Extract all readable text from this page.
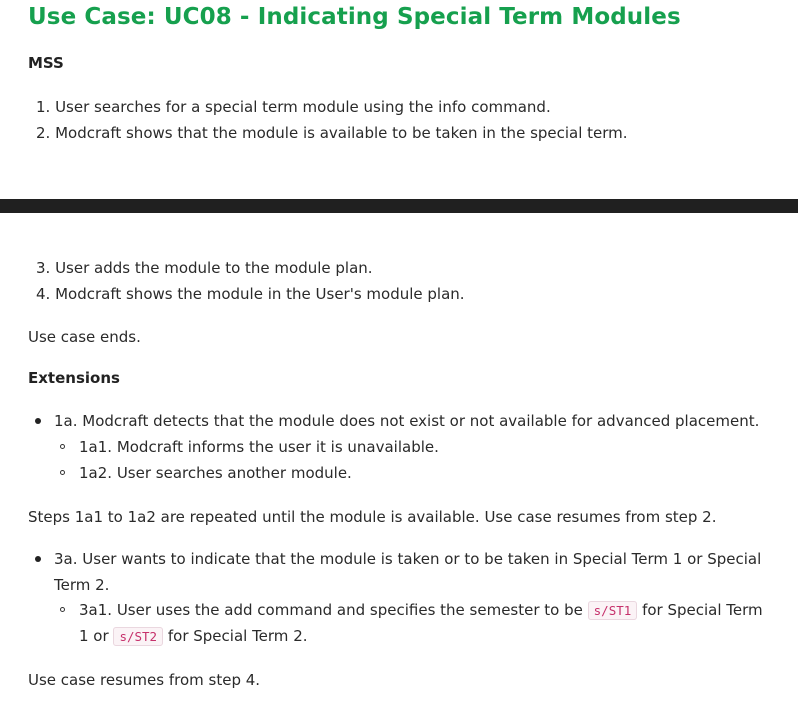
Use Case: UC08 - Indicating Special Term Modules
MSS
1. User searches for a special term module using the info command.
2. Modcraft shows that the module is available to be taken in the special term.
3. User adds the module to the module plan.
4. Modcraft shows the module in the User's module plan.
Use case ends.
Extensions
1a. Modcraft detects that the module does not exist or not available for advanced placement.
1a1. Modcraft informs the user it is unavailable.
1a2. User searches another module.
Steps 1a1 to 1a2 are repeated until the module is available. Use case resumes from step 2.
3a. User wants to indicate that the module is taken or to be taken in Special Term 1 or Special
Term 2.
3a1. User uses the add command and specifies the semester to be s/ST1 for Special Term
1 or s/ST2 for Special Term 2.
Use case resumes from step 4.
